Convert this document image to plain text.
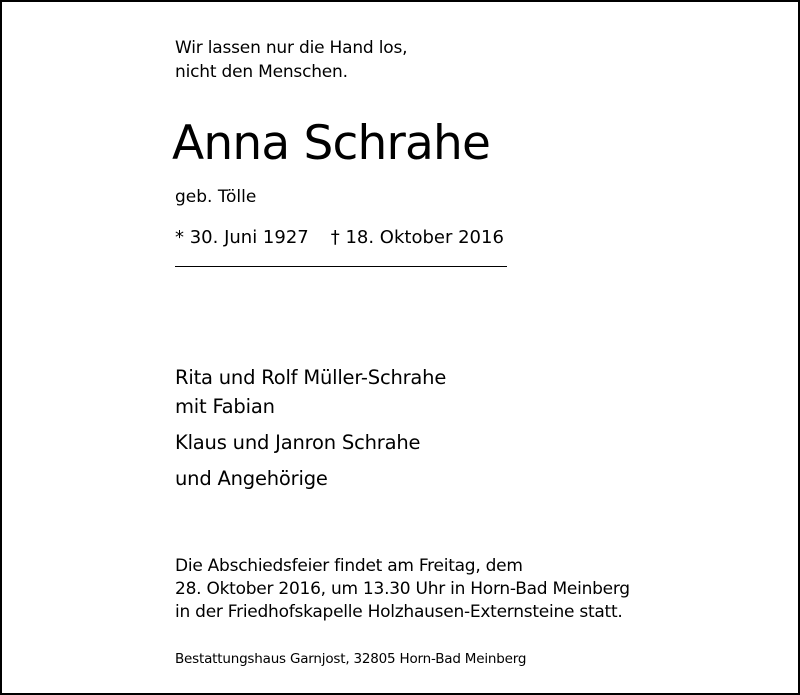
Wir lassen nur die Hand los,
nicht den Menschen.
Anna Schrahe
geb. Tölle
* 30. Juni 1927 † 18. Oktober 2016
Rita und Rolf Müller-Schrahe
mit Fabian
Klaus und Janron Schrahe
und Angehörige
Die Abschiedsfeier findet am Freitag, dem
28. Oktober 2016, um 13.30 Uhr in Horn-Bad Meinberg
in der Friedhofskapelle Holzhausen-Externsteine statt.
Bestattungshaus Garnjost, 32805 Horn-Bad Meinberg
